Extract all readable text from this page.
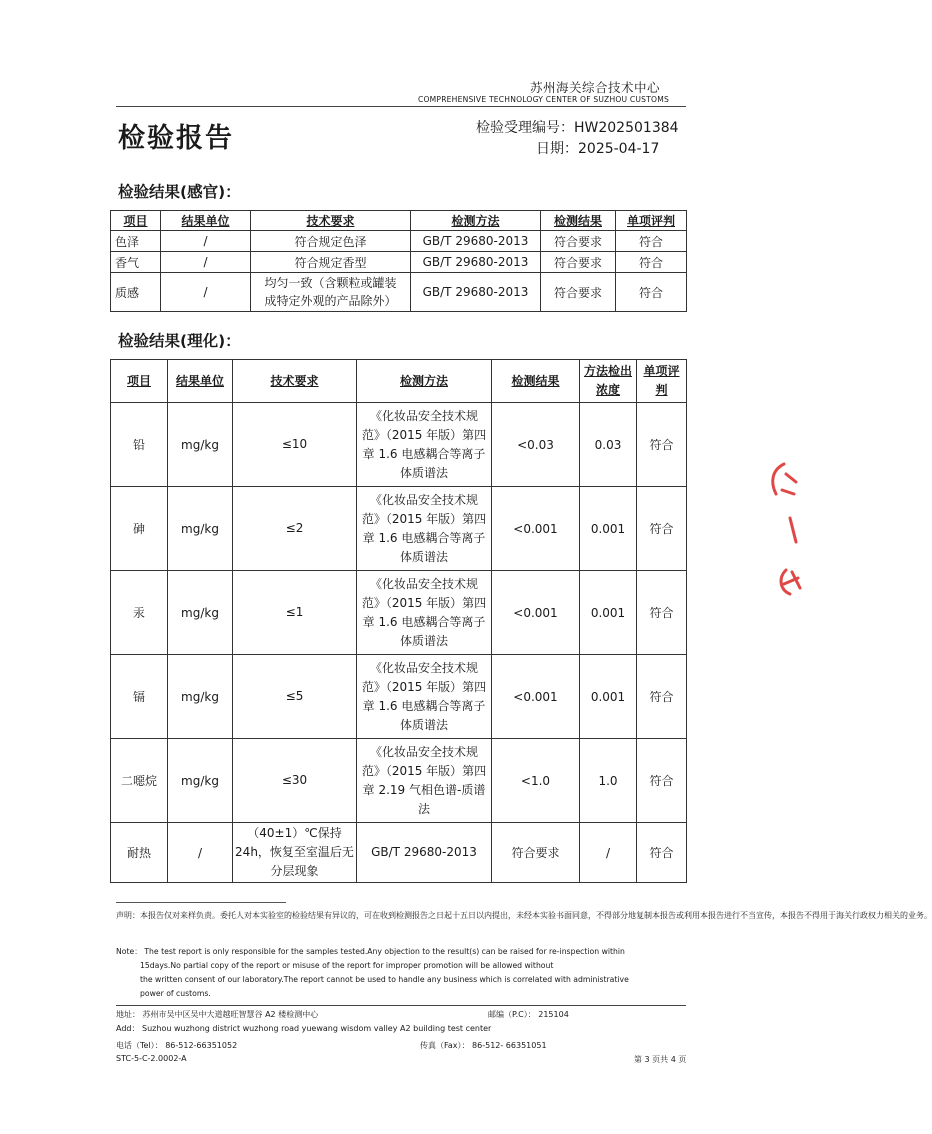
苏州海关综合技术中心
COMPREHENSIVE TECHNOLOGY CENTER OF SUZHOU CUSTOMS
检验报告	检验受理编号：HW202501384
日期：2025-04-17
检验结果(感官)：
项目	结果单位	技术要求	检测方法	检测结果	单项评判
色泽	/	符合规定色泽	GB/T 29680-2013	符合要求	符合
香气	/	符合规定香型	GB/T 29680-2013	符合要求	符合
质感	/	均匀一致（含颗粒或罐装成特定外观的产品除外）	GB/T 29680-2013	符合要求	符合
检验结果(理化)：
项目	结果单位	技术要求	检测方法	检测结果	方法检出浓度	单项评判
铅	mg/kg	≤10	《化妆品安全技术规范》（2015 年版）第四章 1.6 电感耦合等离子体质谱法	<0.03	0.03	符合
砷	mg/kg	≤2	《化妆品安全技术规范》（2015 年版）第四章 1.6 电感耦合等离子体质谱法	<0.001	0.001	符合
汞	mg/kg	≤1	《化妆品安全技术规范》（2015 年版）第四章 1.6 电感耦合等离子体质谱法	<0.001	0.001	符合
镉	mg/kg	≤5	《化妆品安全技术规范》（2015 年版）第四章 1.6 电感耦合等离子体质谱法	<0.001	0.001	符合
二噁烷	mg/kg	≤30	《化妆品安全技术规范》（2015 年版）第四章 2.19 气相色谱-质谱法	<1.0	1.0	符合
耐热	/	（40±1）℃保持 24h，恢复至室温后无分层现象	GB/T 29680-2013	符合要求	/	符合
声明：本报告仅对来样负责。委托人对本实验室的检验结果有异议的，可在收到检测报告之日起十五日以内提出，未经本实验书面同意，不得部分地复制本报告或利用本报告进行不当宣传，本报告不得用于海关行政权力相关的业务。
Note： The test report is only responsible for the samples tested.Any objection to the result(s) can be raised for re-inspection within
15days.No partial copy of the report or misuse of the report for improper promotion will be allowed without
the written consent of our laboratory.The report cannot be used to handle any business which is correlated with administrative
power of customs.
地址： 苏州市吴中区吴中大道越旺智慧谷 A2 楼检测中心	邮编（P.C）： 215104
Add： Suzhou wuzhong district wuzhong road yuewang wisdom valley A2 building test center
电话（Tel）： 86-512-66351052	传真（Fax）： 86-512- 66351051
STC-5-C-2.0002-A	第 3 页共 4 页
